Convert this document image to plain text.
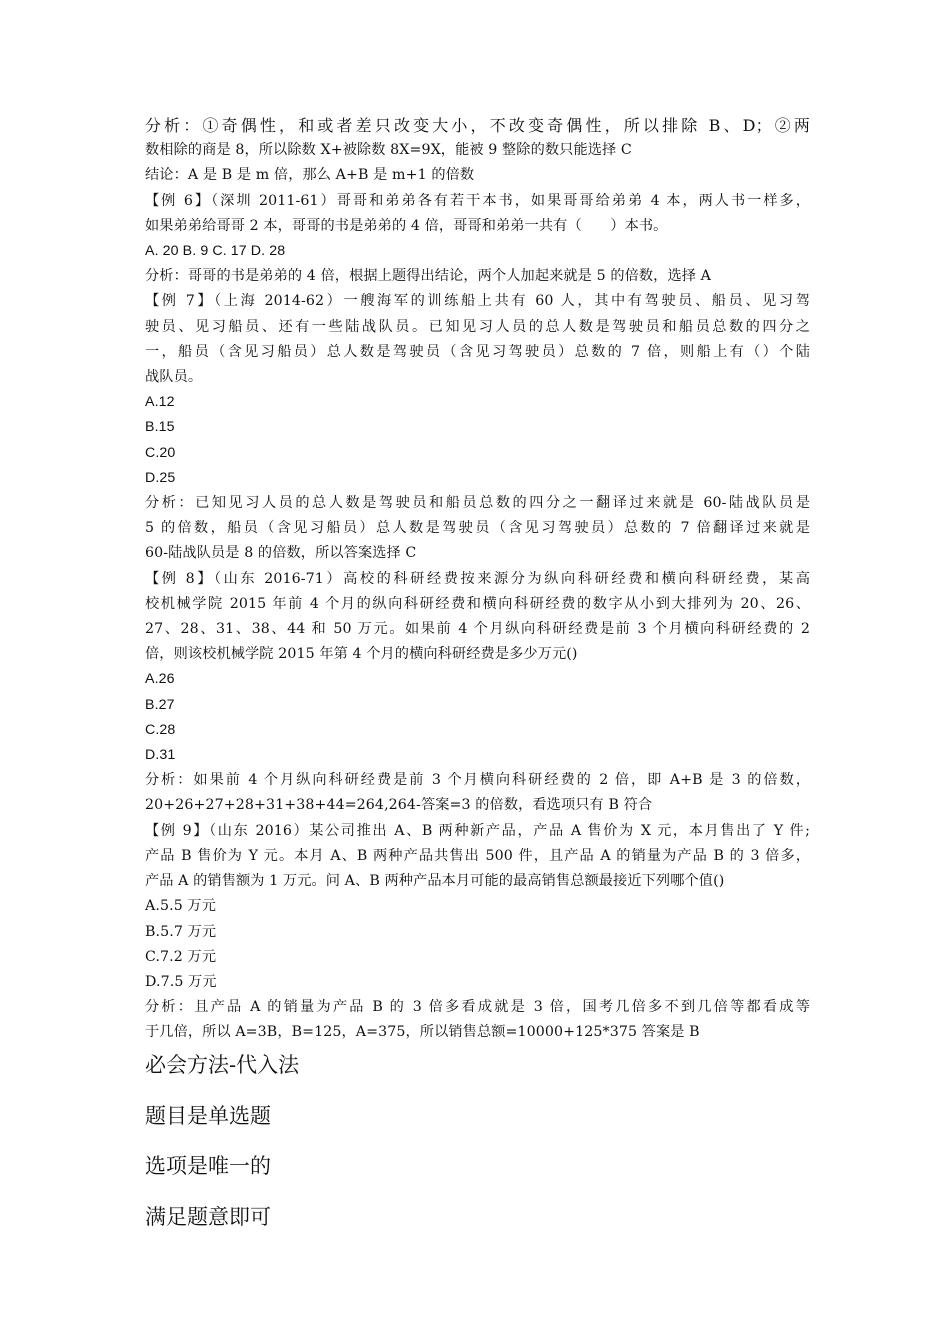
分析：①奇偶性，和或者差只改变大小，不改变奇偶性，所以排除 B、D；②两

数相除的商是 8，所以除数 X+被除数 8X=9X，能被 9 整除的数只能选择 C

结论：A 是 B 是 m 倍，那么 A+B 是 m+1 的倍数

【例 6】（深圳 2011-61）哥哥和弟弟各有若干本书，如果哥哥给弟弟 4 本，两人书一样多，

如果弟弟给哥哥 2 本，哥哥的书是弟弟的 4 倍，哥哥和弟弟一共有（　　）本书。

A. 20 B. 9 C. 17 D. 28

分析：哥哥的书是弟弟的 4 倍，根据上题得出结论，两个人加起来就是 5 的倍数，选择 A

【例 7】（上海 2014-62）一艘海军的训练船上共有 60 人，其中有驾驶员、船员、见习驾

驶员、见习船员、还有一些陆战队员。已知见习人员的总人数是驾驶员和船员总数的四分之

一，船员（含见习船员）总人数是驾驶员（含见习驾驶员）总数的 7 倍，则船上有（）个陆

战队员。

A.12

B.15

C.20

D.25

分析：已知见习人员的总人数是驾驶员和船员总数的四分之一翻译过来就是 60-陆战队员是

5 的倍数，船员（含见习船员）总人数是驾驶员（含见习驾驶员）总数的 7 倍翻译过来就是

60-陆战队员是 8 的倍数，所以答案选择 C

【例 8】（山东 2016-71）高校的科研经费按来源分为纵向科研经费和横向科研经费，某高

校机械学院 2015 年前 4 个月的纵向科研经费和横向科研经费的数字从小到大排列为 20、26、

27、28、31、38、44 和 50 万元。如果前 4 个月纵向科研经费是前 3 个月横向科研经费的 2

倍，则该校机械学院 2015 年第 4 个月的横向科研经费是多少万元()

A.26

B.27

C.28

D.31

分析：如果前 4 个月纵向科研经费是前 3 个月横向科研经费的 2 倍，即 A+B 是 3 的倍数，

20+26+27+28+31+38+44=264,264-答案=3 的倍数，看选项只有 B 符合

【例 9】（山东 2016）某公司推出 A、B 两种新产品，产品 A 售价为 X 元，本月售出了 Y 件;

产品 B 售价为 Y 元。本月 A、B 两种产品共售出 500 件，且产品 A 的销量为产品 B 的 3 倍多，

产品 A 的销售额为 1 万元。问 A、B 两种产品本月可能的最高销售总额最接近下列哪个值()

A.5.5 万元

B.5.7 万元

C.7.2 万元

D.7.5 万元

分析：且产品 A 的销量为产品 B 的 3 倍多看成就是 3 倍，国考几倍多不到几倍等都看成等

于几倍，所以 A=3B，B=125，A=375，所以销售总额=10000+125*375 答案是 B

必会方法-代入法

题目是单选题

选项是唯一的

满足题意即可
